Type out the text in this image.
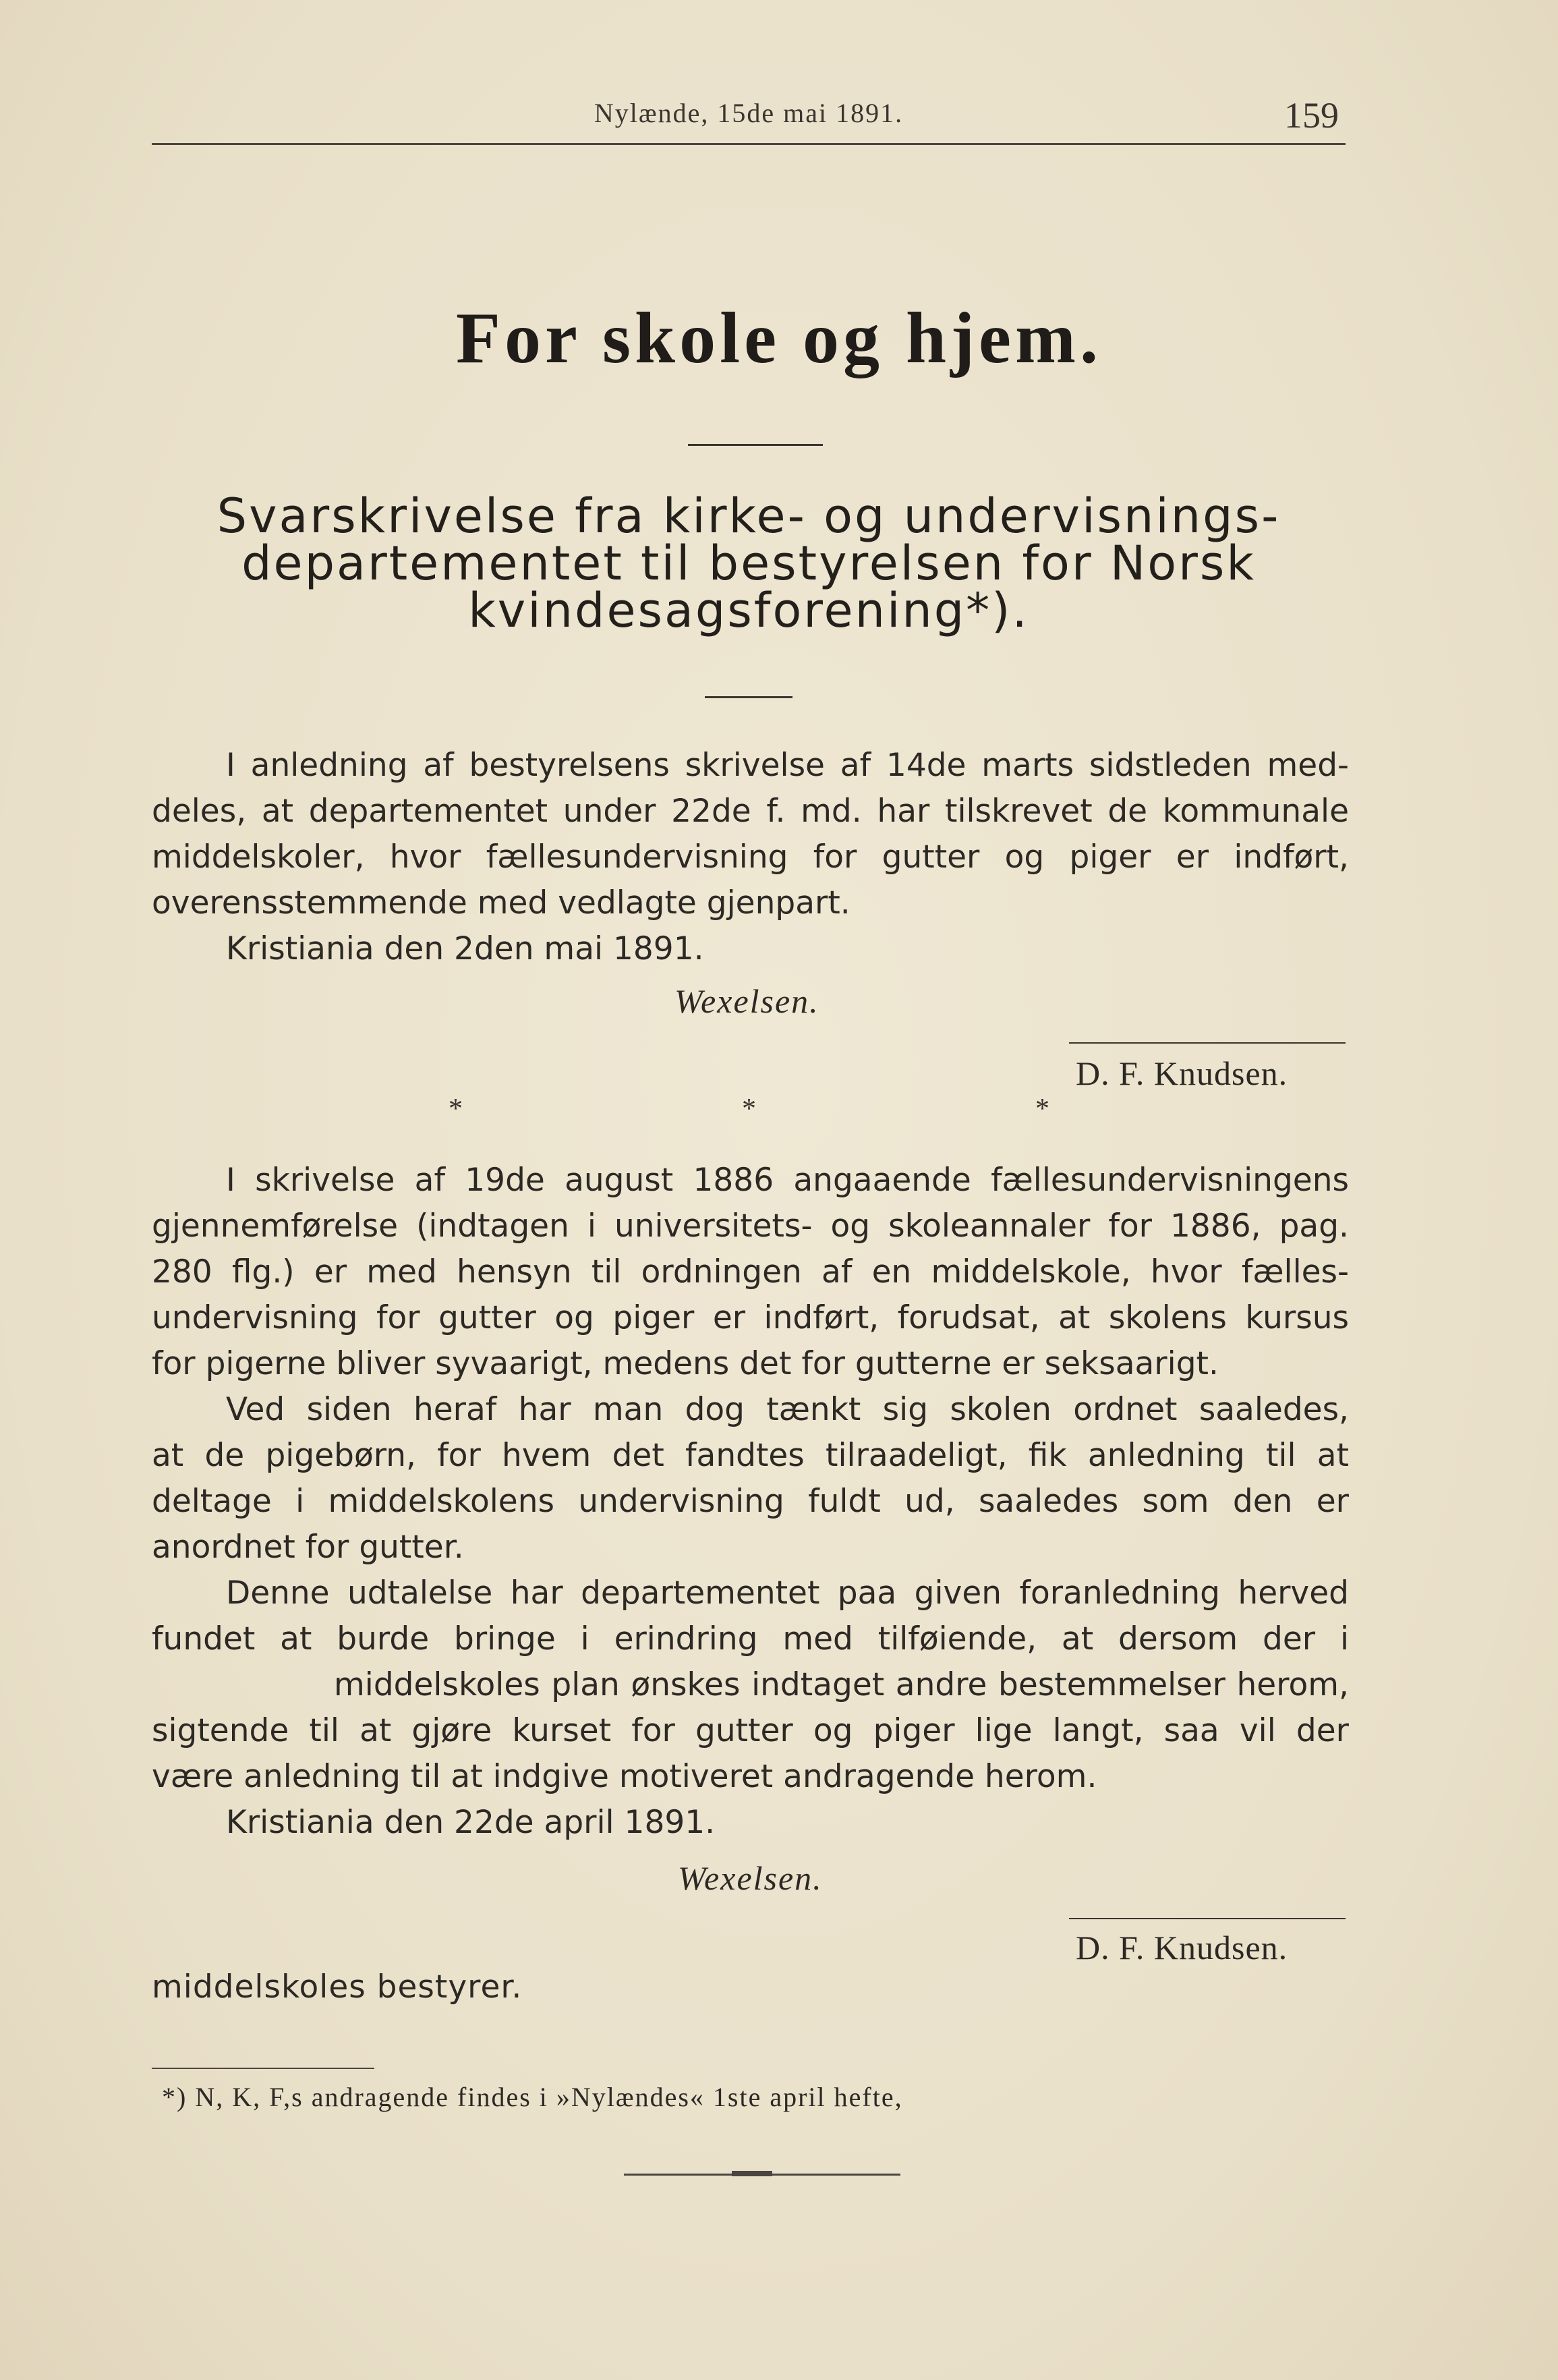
Nylænde, 15de mai 1891.	159
For skole og hjem.
Svarskrivelse fra kirke- og undervisnings-
departementet til bestyrelsen for Norsk
kvindesagsforening*).
I anledning af bestyrelsens skrivelse af 14de marts sidstleden med-
deles, at departementet under 22de f. md. har tilskrevet de kommunale
middelskoler, hvor fællesundervisning for gutter og piger er indført,
overensstemmende med vedlagte gjenpart.
Kristiania den 2den mai 1891.
Wexelsen.
D. F. Knudsen.
*	*	*
I skrivelse af 19de august 1886 angaaende fællesundervisningens
gjennemførelse (indtagen i universitets- og skoleannaler for 1886, pag.
280 flg.) er med hensyn til ordningen af en middelskole, hvor fælles-
undervisning for gutter og piger er indført, forudsat, at skolens kursus
for pigerne bliver syvaarigt, medens det for gutterne er seksaarigt.
Ved siden heraf har man dog tænkt sig skolen ordnet saaledes,
at de pigebørn, for hvem det fandtes tilraadeligt, fik anledning til at
deltage i middelskolens undervisning fuldt ud, saaledes som den er
anordnet for gutter.
Denne udtalelse har departementet paa given foranledning herved
fundet at burde bringe i erindring med tilføiende, at dersom der i
middelskoles plan ønskes indtaget andre bestemmelser herom,
sigtende til at gjøre kurset for gutter og piger lige langt, saa vil der
være anledning til at indgive motiveret andragende herom.
Kristiania den 22de april 1891.
Wexelsen.
D. F. Knudsen.
middelskoles bestyrer.
*) N, K, F,s andragende findes i »Nylændes« 1ste april hefte,
